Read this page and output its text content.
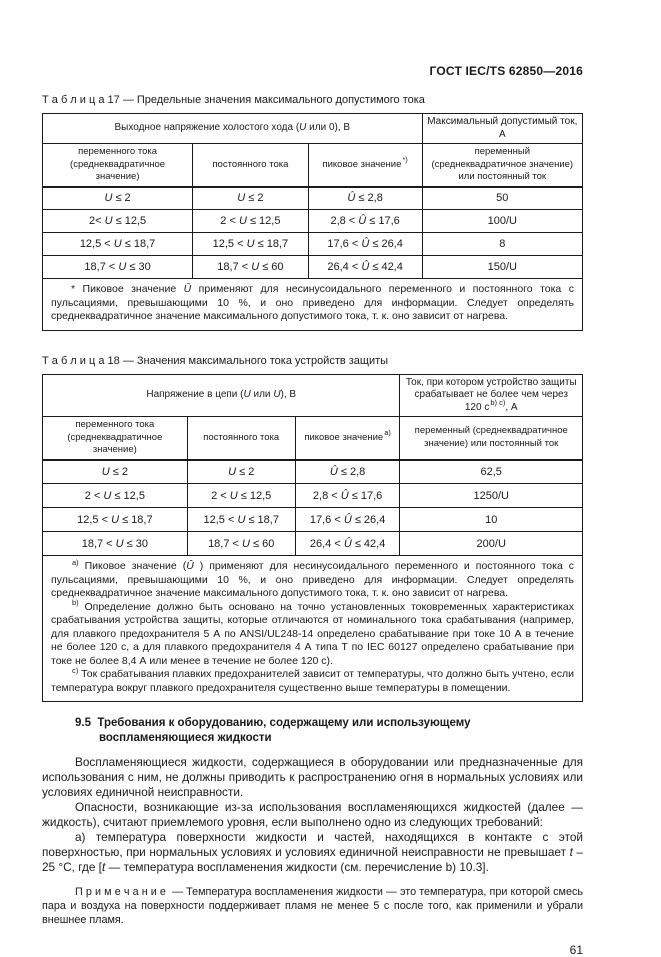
ГОСТ IEC/TS 62850—2016

Т а б л и ц а 17 — Предельные значения максимального допустимого тока

Выходное напряжение холостого хода (U или 0), В			Максимальный допустимый ток, А

переменного тока (среднеквадратичное значение)	постоянного тока	пиковое значение*)	переменный (среднеквадратичное значение) или постоянный ток
U ≤ 2	U ≤ 2	Û ≤ 2,8	50
2< U ≤ 12,5	2 < U ≤ 12,5	2,8 < Û ≤ 17,6	100/U
12,5 < U ≤ 18,7	12,5 < U ≤ 18,7	17,6 < Û ≤ 26,4	8
18,7 < U ≤ 30	18,7 < U ≤ 60	26,4 < Û ≤ 42,4	150/U

* Пиковое значение Û применяют для несинусоидального переменного и постоянного тока с пульсациями, превышающими 10 %, и оно приведено для информации. Следует определять среднеквадратичное значение максимального допустимого тока, т. к. оно зависит от нагрева.			

Т а б л и ц а 18 — Значения максимального тока устройств защиты

Напряжение в цепи (U или U), В			Ток, при котором устройство защиты
срабатывает не более чем через
120 $с^{b) c)}$, А

переменного тока (среднеквадратичное значение)	постоянного тока	пиковое значение$^{a)}$	переменный (среднеквадратичное значение) или постоянный ток
U ≤ 2	U ≤ 2	Û ≤ 2,8	62,5
2 < U ≤ 12,5	2 < U ≤ 12,5	2,8 < Û ≤ 17,6	1250/U
12,5 < U ≤ 18,7	12,5 < U ≤ 18,7	17,6 < Û ≤ 26,4	10
18,7 < U ≤ 30	18,7 < U ≤ 60	26,4 < Û ≤ 42,4	200/U

$^{a)}$ Пиковое значение (Û ) применяют для несинусоидального переменного и постоянного тока с пульсациями, превышающими 10 %, и оно приведено для информации. Следует определять среднеквадратичное значение максимального допустимого тока, т. к. оно зависит от нагрева.

$^{b)}$ Определение должно быть основано на точно установленных токовременных характеристиках срабатывания устройства защиты, которые отличаются от номинального тока срабатывания (например, для плавкого предохранителя 5 А по ANSI/UL248-14 определено срабатывание при токе 10 А в течение не более 120 с, а для плавкого предохранителя 4 А типа Т по IEC 60127 определено срабатывание при токе не более 8,4 А или менее в течение не более 120 с).

$^{c)}$ Ток срабатывания плавких предохранителей зависит от температуры, что должно быть учтено, если температура вокруг плавкого предохранителя существенно выше температуры в помещении.			

9.5 Требования к оборудованию, содержащему или использующему воспламеняющиеся жидкости

Воспламеняющиеся жидкости, содержащиеся в оборудовании или предназначенные для использования с ним, не должны приводить к распространению огня в нормальных условиях или условиях единичной неисправности.

Опасности, возникающие из-за использования воспламеняющихся жидкостей (далее — жидкость), считают приемлемого уровня, если выполнено одно из следующих требований:

а) температура поверхности жидкости и частей, находящихся в контакте с этой поверхностью, при нормальных условиях и условиях единичной неисправности не превышает t – 25 °C, где [t — температура воспламенения жидкости (см. перечисление b) 10.3].

П р и м е ч а н и е — Температура воспламенения жидкости — это температура, при которой смесь пара и воздуха на поверхности поддерживает пламя не менее 5 с после того, как применили и убрали внешнее пламя.

61
